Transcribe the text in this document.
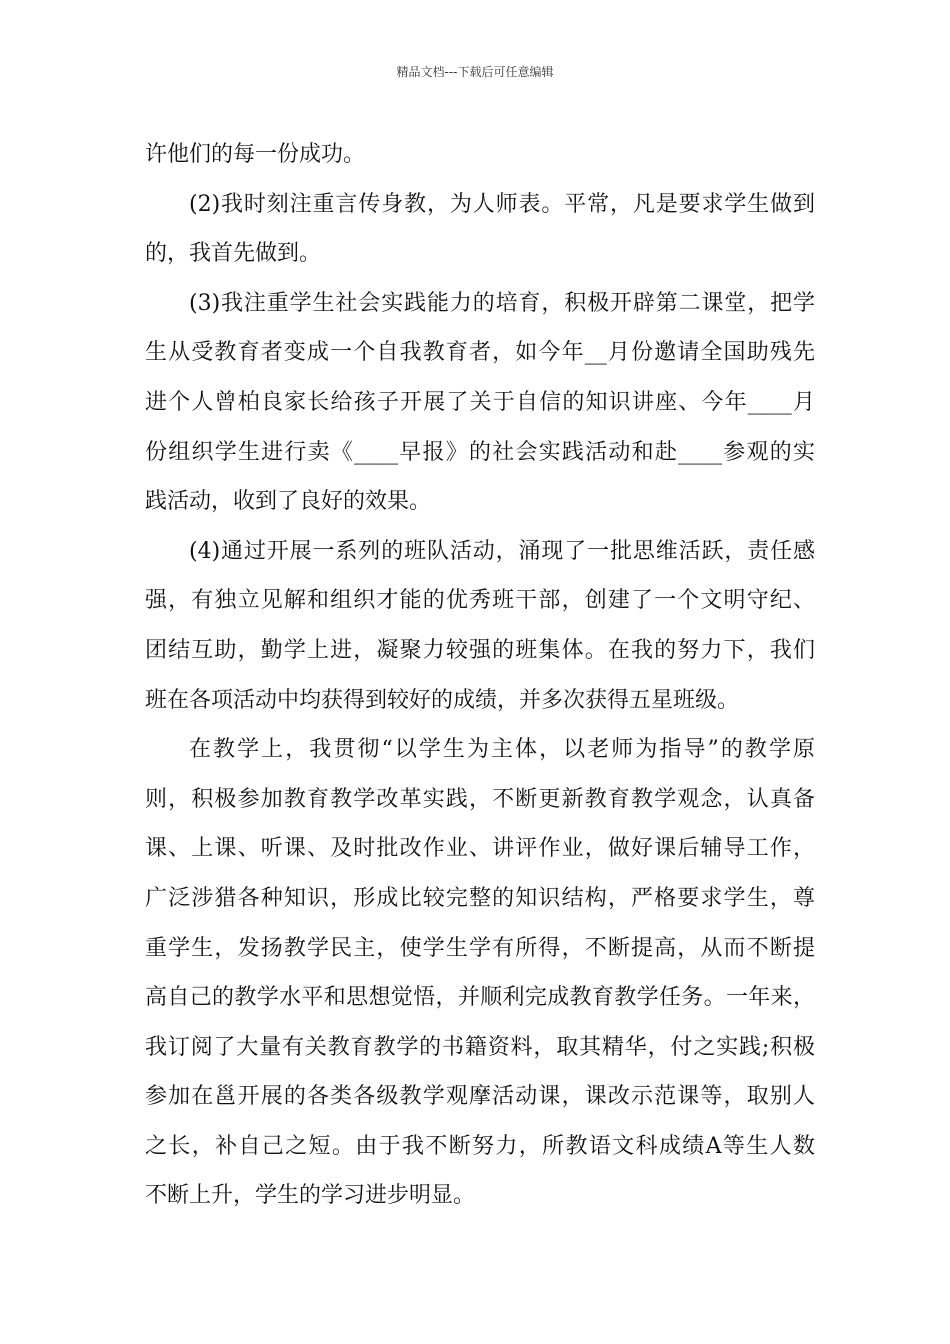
精品文档---下载后可任意编辑
许他们的每一份成功。
(2)我时刻注重言传身教，为人师表。平常，凡是要求学生做到
的，我首先做到。
(3)我注重学生社会实践能力的培育，积极开辟第二课堂，把学
生从受教育者变成一个自我教育者，如今年__月份邀请全国助残先
进个人曾柏良家长给孩子开展了关于自信的知识讲座、今年____月
份组织学生进行卖《____早报》的社会实践活动和赴____参观的实
践活动，收到了良好的效果。
(4)通过开展一系列的班队活动，涌现了一批思维活跃，责任感
强，有独立见解和组织才能的优秀班干部，创建了一个文明守纪、
团结互助，勤学上进，凝聚力较强的班集体。在我的努力下，我们
班在各项活动中均获得到较好的成绩，并多次获得五星班级。
在教学上，我贯彻“以学生为主体，以老师为指导”的教学原
则，积极参加教育教学改革实践，不断更新教育教学观念，认真备
课、上课、听课、及时批改作业、讲评作业，做好课后辅导工作，
广泛涉猎各种知识，形成比较完整的知识结构，严格要求学生，尊
重学生，发扬教学民主，使学生学有所得，不断提高，从而不断提
高自己的教学水平和思想觉悟，并顺利完成教育教学任务。一年来，
我订阅了大量有关教育教学的书籍资料，取其精华，付之实践;积极
参加在邕开展的各类各级教学观摩活动课，课改示范课等，取别人
之长，补自己之短。由于我不断努力，所教语文科成绩A等生人数
不断上升，学生的学习进步明显。
